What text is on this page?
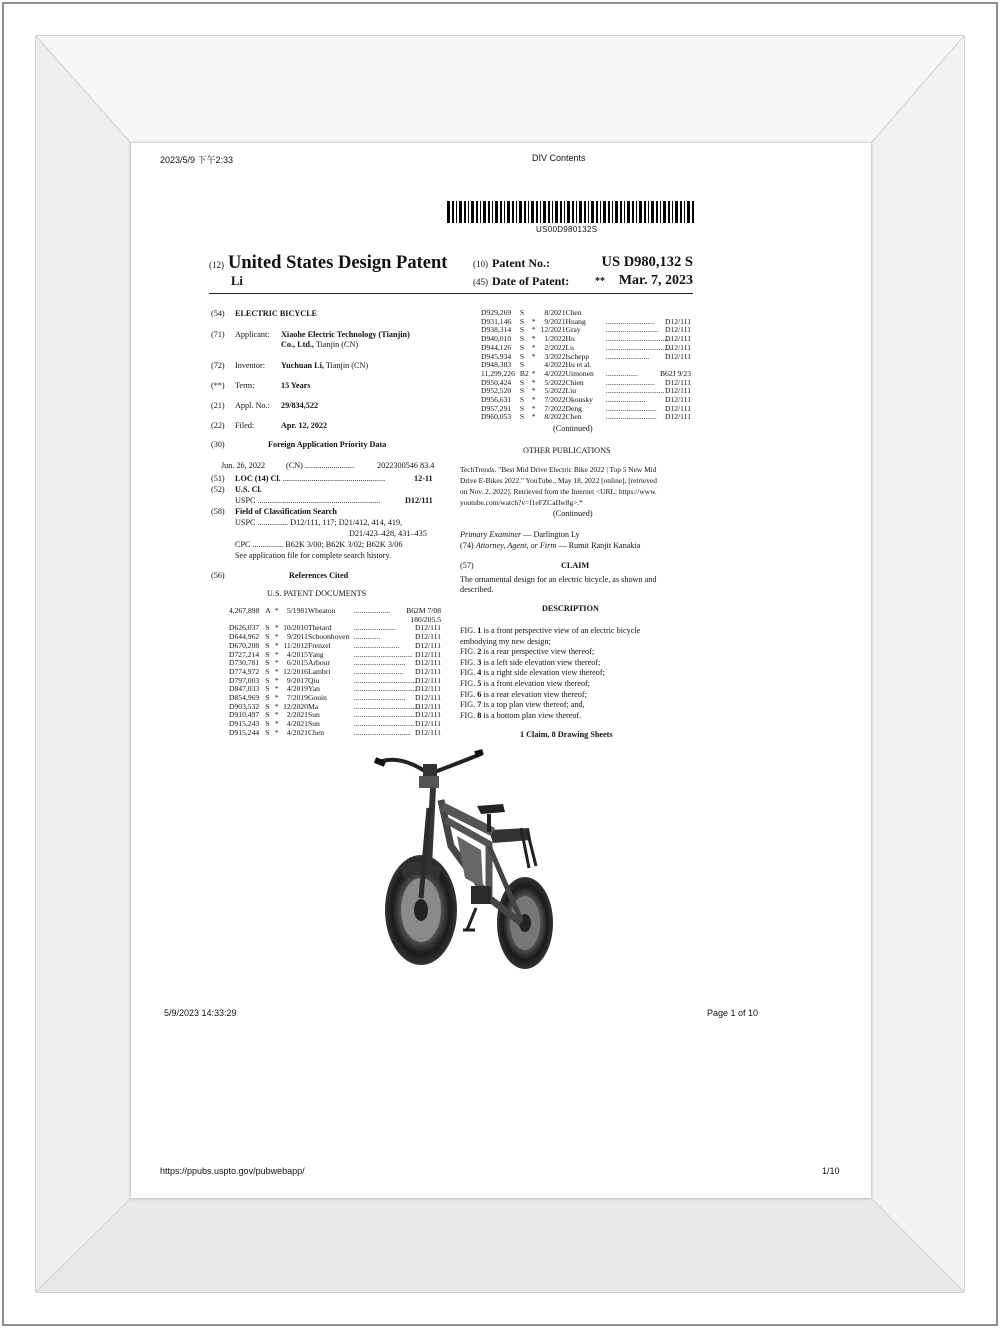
2023/5/9 下午2:33	DIV Contents
US00D980132S
(12) United States Design Patent
Li
(10) Patent No.:	US D980,132 S
(45) Date of Patent:	** Mar. 7, 2023
(54) ELECTRIC BICYCLE
(71) Applicant: Xiaohe Electric Technology (Tianjin)
Co., Ltd., Tianjin (CN)
(72) Inventor: Yuchuan Li, Tianjin (CN)
(**) Term:	15 Years
(21) Appl. No.: 29/834,522
(22) Filed:	Apr. 12, 2022
(30)	Foreign Application Priority Data
Jun. 26, 2022	(CN) ........................	2022300546 83.4
(51) LOC (14) Cl. ..................................................	12-11
(52) U.S. Cl.
USPC ............................................................	D12/111
(58) Field of Classification Search
USPC ............... D12/111, 117; D21/412, 414, 419,
D21/423–428, 431–435
CPC ............... B62K 3/00; B62K 3/02; B62K 3/06
See application file for complete search history.
(56)	References Cited
U.S. PATENT DOCUMENTS
4,267,898	A	*	5/1981	Wheaton	...................	B62M 7/08
						180/205.5
D626,037	S	*	10/2010	Thetard	......................	D12/111
D644,962	S	*	9/2011	Schoonhoven	..............	D12/111
D670,208	S	*	11/2012	Frenzel	........................	D12/111
D727,214	S	*	4/2015	Yang	...............................	D12/111
D730,781	S	*	6/2015	Arbour	...........................	D12/111
D774,972	S	*	12/2016	Lambri	..........................	D12/111
D797,003	S	*	9/2017	Qiu	.................................	D12/111
D847,033	S	*	4/2019	Yan	.................................	D12/111
D854,969	S	*	7/2019	Gouin	...........................	D12/111
D903,532	S	*	12/2020	Ma	...................................	D12/111
D910,497	S	*	2/2021	Sun	................................	D12/111
D915,243	S	*	4/2021	Sun	................................	D12/111
D915,244	S	*	4/2021	Chen	..............................	D12/111
D929,269	S		8/2021	Chen		
D931,146	S	*	9/2021	Huang	..........................	D12/111
D938,314	S	*	12/2021	Gray	............................	D12/111
D940,010	S	*	1/2022	Hu	..................................	D12/111
D944,126	S	*	2/2022	Lu	...................................	D12/111
D945,934	S	*	3/2022	Ischepp	.......................	D12/111
D948,383	S		4/2022	Hu et al.		
11,299,226	B2	*	4/2022	Uimonen	.................	B62J 9/23
D950,424	S	*	5/2022	Chien	..........................	D12/111
D952,520	S	*	5/2022	Liu	...............................	D12/111
D956,631	S	*	7/2022	Okonsky	.....................	D12/111
D957,291	S	*	7/2022	Deng	...........................	D12/111
D960,053	S	*	8/2022	Chen	...........................	D12/111
(Continued)
OTHER PUBLICATIONS
TechTrends. "Best Mid Drive Electric Bike 2022 | Top 5 New Mid
Drive E-Bikes 2022." YouTube., May 18, 2022 [online], [retrieved
on Nov. 2, 2022]. Retrieved from the Internet <URL: https://www.
youtube.com/watch?v=f1eFZCaIIw8g>.*
(Continued)
Primary Examiner — Darlington Ly
(74) Attorney, Agent, or Firm — Rumit Ranjit Kanakia
(57)	CLAIM
The ornamental design for an electric bicycle, as shown and
described.
DESCRIPTION
FIG. 1 is a front perspective view of an electric bicycle
embodying my new design;
FIG. 2 is a rear perspective view thereof;
FIG. 3 is a left side elevation view thereof;
FIG. 4 is a right side elevation view thereof;
FIG. 5 is a front elevation view thereof;
FIG. 6 is a rear elevation view thereof;
FIG. 7 is a top plan view thereof; and,
FIG. 8 is a bottom plan view thereof.
1 Claim, 8 Drawing Sheets
5/9/2023 14:33:29	Page 1 of 10
https://ppubs.uspto.gov/pubwebapp/	1/10
